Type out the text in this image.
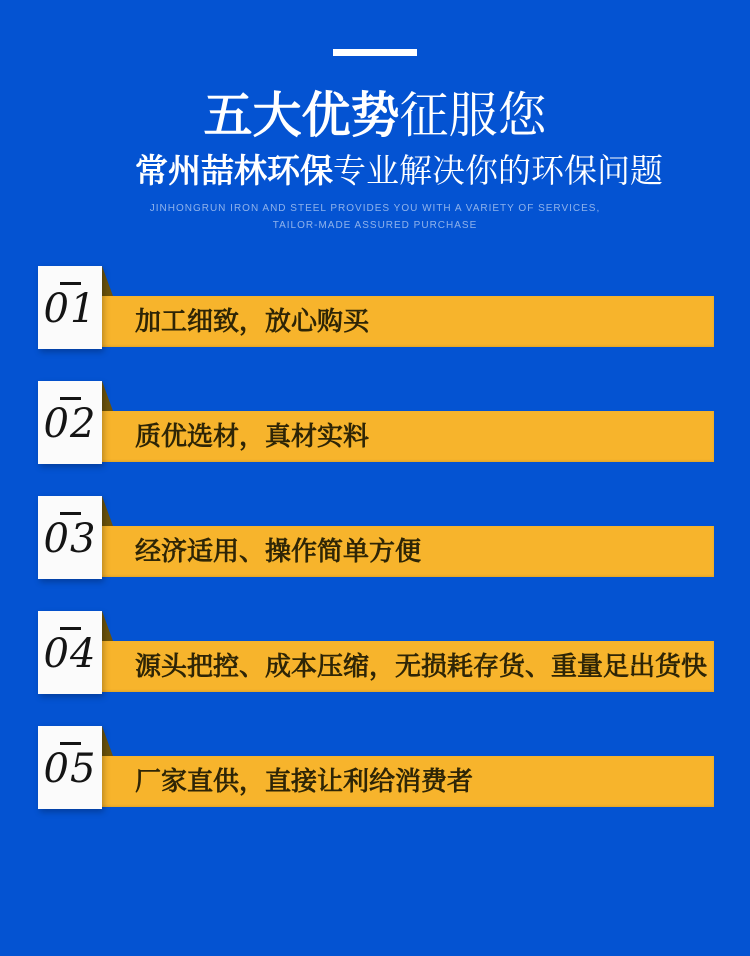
五大优势征服您
常州喆林环保专业解决你的环保问题
JINHONGRUN IRON AND STEEL PROVIDES YOU WITH A VARIETY OF SERVICES,
TAILOR-MADE ASSURED PURCHASE
加工细致，放心购买
01
质优选材，真材实料
02
经济适用、操作简单方便
03
源头把控、成本压缩，无损耗存货、重量足出货快
04
厂家直供，直接让利给消费者
05
